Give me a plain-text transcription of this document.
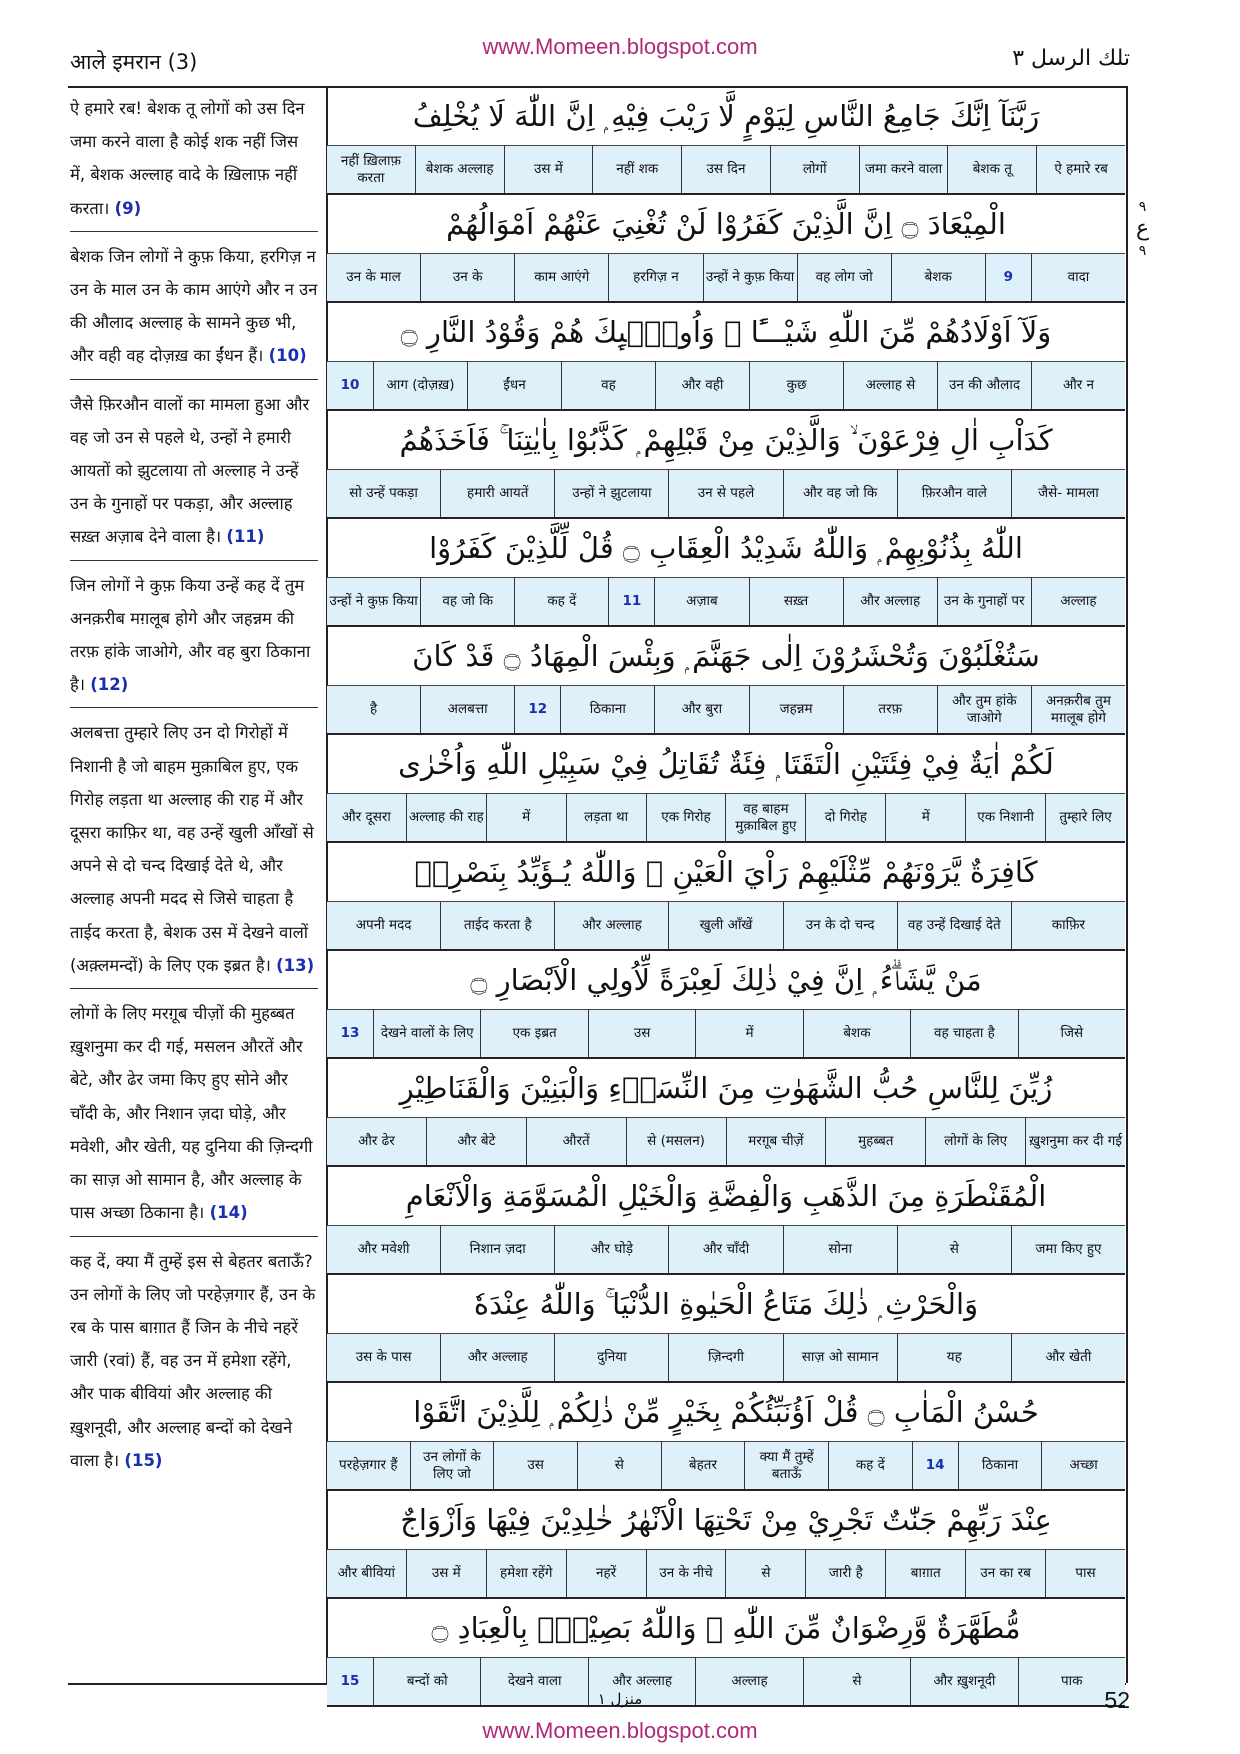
आले इमरान (3)
www.Momeen.blogspot.com	تلك الرسل ٣
٩
ع
٩
ऐ हमारे रब! बेशक तू लोगों को उस दिन जमा करने वाला है कोई शक नहीं जिस में, बेशक अल्लाह वादे के ख़िलाफ़ नहीं करता। (9)
बेशक जिन लोगों ने कुफ़ किया, हरगिज़ न उन के माल उन के काम आएंगे और न उन की औलाद अल्लाह के सामने कुछ भी, और वही वह दोज़ख़ का ईंधन हैं। (10)
जैसे फ़िरऔन वालों का मामला हुआ और वह जो उन से पहले थे, उन्हों ने हमारी आयतों को झुटलाया तो अल्लाह ने उन्हें उन के गुनाहों पर पकड़ा, और अल्लाह सख़्त अज़ाब देने वाला है। (11)
जिन लोगों ने कुफ़ किया उन्हें कह दें तुम अनक़रीब मग़लूब होगे और जहन्नम की तरफ़ हांके जाओगे, और वह बुरा ठिकाना है। (12)
अलबत्ता तुम्हारे लिए उन दो गिरोहों में निशानी है जो बाहम मुक़ाबिल हुए, एक गिरोह लड़ता था अल्लाह की राह में और दूसरा काफ़िर था, वह उन्हें खुली आँखों से अपने से दो चन्द दिखाई देते थे, और अल्लाह अपनी मदद से जिसे चाहता है ताईद करता है, बेशक उस में देखने वालों (अक़्लमन्दों) के लिए एक इब्रत है। (13)
लोगों के लिए मरग़ूब चीज़ों की मुहब्बत ख़ुशनुमा कर दी गई, मसलन औरतें और बेटे, और ढेर जमा किए हुए सोने और चाँदी के, और निशान ज़दा घोड़े, और मवेशी, और खेती, यह दुनिया की ज़िन्दगी का साज़ ओ सामान है, और अल्लाह के पास अच्छा ठिकाना है। (14)
कह दें, क्या मैं तुम्हें इस से बेहतर बताऊँ? उन लोगों के लिए जो परहेज़गार हैं, उन के रब के पास बाग़ात हैं जिन के नीचे नहरें जारी (रवां) हैं, वह उन में हमेशा रहेंगे, और पाक बीवियां और अल्लाह की ख़ुशनूदी, और अल्लाह बन्दों को देखने वाला है। (15)
رَبَّنَآ اِنَّكَ جَامِعُ النَّاسِ لِيَوْمٍ لَّا رَيْبَ فِيْهِ ۭ اِنَّ اللّٰهَ لَا يُخْلِفُ
ऐ हमारे रब
बेशक तू
जमा करने वाला
लोगों
उस दिन
नहीं शक
उस में
बेशक अल्लाह
नहीं ख़िलाफ़ करता
الْمِيْعَادَ ۝ اِنَّ الَّذِيْنَ كَفَرُوْا لَنْ تُغْنِيَ عَنْهُمْ اَمْوَالُھُمْ
वादा
9
बेशक
वह लोग जो
उन्हों ने कुफ़ किया
हरगिज़ न
काम आएंगे
उन के
उन के माल
وَلَآ اَوْلَادُھُمْ مِّنَ اللّٰهِ شَيْـــًٔا ۭ وَاُولٰۗىِٕكَ ھُمْ وَقُوْدُ النَّارِ ۝
और न
उन की औलाद
अल्लाह से
कुछ
और वही
वह
ईंधन
आग (दोज़ख़)
10
كَدَاْبِ اٰلِ فِرْعَوْنَ ۙ وَالَّذِيْنَ مِنْ قَبْلِهِمْ ۭ كَذَّبُوْا بِاٰيٰتِنَا ۚ فَاَخَذَھُمُ
जैसे- मामला
फ़िरऔन वाले
और वह जो कि
उन से पहले
उन्हों ने झुटलाया
हमारी आयतें
सो उन्हें पकड़ा
اللّٰهُ بِذُنُوْبِهِمْ ۭ وَاللّٰهُ شَدِيْدُ الْعِقَابِ ۝ قُلْ لِّلَّذِيْنَ كَفَرُوْا
अल्लाह
उन के गुनाहों पर
और अल्लाह
सख़्त
अज़ाब
11
कह दें
वह जो कि
उन्हों ने कुफ़ किया
سَتُغْلَبُوْنَ وَتُحْشَرُوْنَ اِلٰى جَهَنَّمَ ۭ وَبِئْسَ الْمِهَادُ ۝ قَدْ كَانَ
अनक़रीब तुम मग़लूब होगे
और तुम हांके जाओगे
तरफ़
जहन्नम
और बुरा
ठिकाना
12
अलबत्ता
है
لَكُمْ اٰيَةٌ فِيْ فِئَتَيْنِ الْتَقَتَا ۭ فِئَةٌ تُقَاتِلُ فِيْ سَبِيْلِ اللّٰهِ وَاُخْرٰى
तुम्हारे लिए
एक निशानी
में
दो गिरोह
वह बाहम मुक़ाबिल हुए
एक गिरोह
लड़ता था
में
अल्लाह की राह
और दूसरा
كَافِرَةٌ يَّرَوْنَھُمْ مِّثْلَيْهِمْ رَاْيَ الْعَيْنِ ۭ وَاللّٰهُ يُـؤَيِّدُ بِنَصْرِهٖ
काफ़िर
वह उन्हें दिखाई देते
उन के दो चन्द
खुली आँखें
और अल्लाह
ताईद करता है
अपनी मदद
مَنْ يَّشَاۗءُ ۭ اِنَّ فِيْ ذٰلِكَ لَعِبْرَةً لِّاُولِي الْاَبْصَارِ ۝
जिसे
वह चाहता है
बेशक
में
उस
एक इब्रत
देखने वालों के लिए
13
زُيِّنَ لِلنَّاسِ حُبُّ الشَّهَوٰتِ مِنَ النِّسَاۗءِ وَالْبَنِيْنَ وَالْقَنَاطِيْرِ
ख़ुशनुमा कर दी गई
लोगों के लिए
मुहब्बत
मरग़ूब चीज़ें
से (मसलन)
औरतें
और बेटे
और ढेर
الْمُقَنْطَرَةِ مِنَ الذَّھَبِ وَالْفِضَّةِ وَالْخَيْلِ الْمُسَوَّمَةِ وَالْاَنْعَامِ
जमा किए हुए
से
सोना
और चाँदी
और घोड़े
निशान ज़दा
और मवेशी
وَالْحَرْثِ ۭ ذٰلِكَ مَتَاعُ الْحَيٰوةِ الدُّنْيَا ۚ وَاللّٰهُ عِنْدَهٗ
और खेती
यह
साज़ ओ सामान
ज़िन्दगी
दुनिया
और अल्लाह
उस के पास
حُسْنُ الْمَاٰبِ ۝ قُلْ اَؤُنَبِّئُكُمْ بِخَيْرٍ مِّنْ ذٰلِكُمْ ۭ لِلَّذِيْنَ اتَّقَوْا
अच्छा
ठिकाना
14
कह दें
क्या मैं तुम्हें बताऊँ
बेहतर
से
उस
उन लोगों के लिए जो
परहेज़गार हैं
عِنْدَ رَبِّهِمْ جَنّٰتٌ تَجْرِيْ مِنْ تَحْتِهَا الْاَنْهٰرُ خٰلِدِيْنَ فِيْهَا وَاَزْوَاجٌ
पास
उन का रब
बाग़ात
जारी है
से
उन के नीचे
नहरें
हमेशा रहेंगे
उस में
और बीवियां
مُّطَهَّرَةٌ وَّرِضْوَانٌ مِّنَ اللّٰهِ ۭ وَاللّٰهُ بَصِيْرٌۢ بِالْعِبَادِ ۝
पाक
और ख़ुशनूदी
से
अल्लाह
और अल्लाह
देखने वाला
बन्दों को
15
منزل ١	52
www.Momeen.blogspot.com
